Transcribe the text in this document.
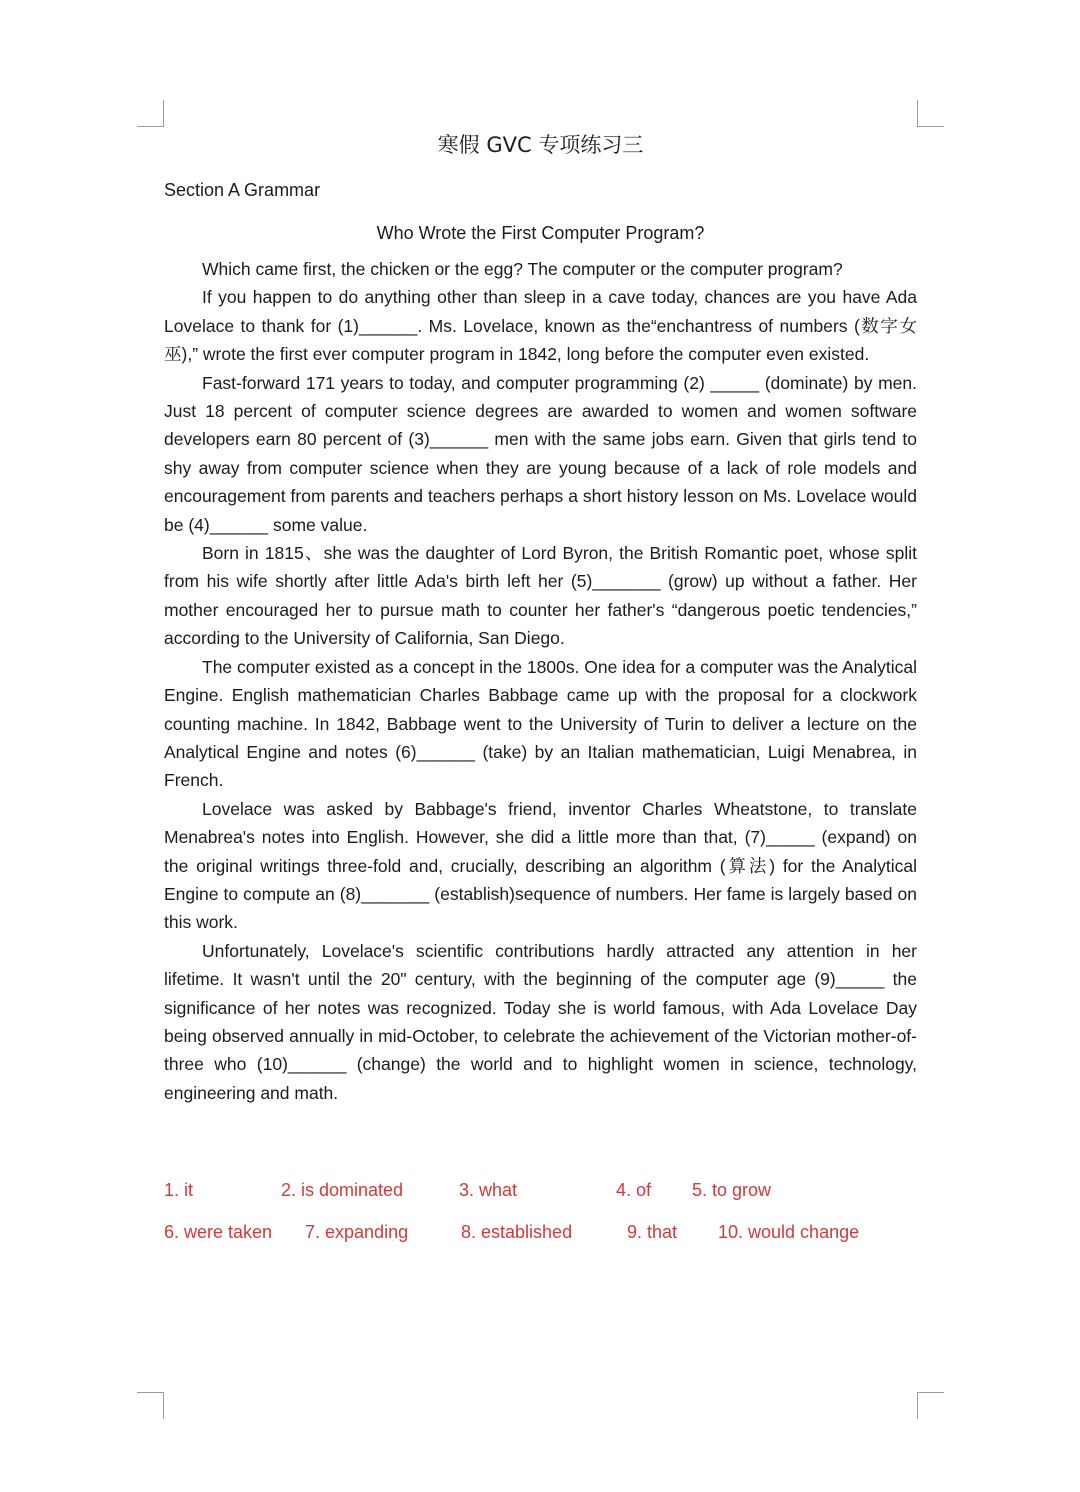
寒假 GVC 专项练习三
Section A Grammar
Who Wrote the First Computer Program?

Which came first, the chicken or the egg? The computer or the computer program?

If you happen to do anything other than sleep in a cave today, chances are you have Ada Lovelace to thank for (1)______. Ms. Lovelace, known as the“enchantress of numbers (数字女巫),” wrote the first ever computer program in 1842, long before the computer even existed.

Fast-forward 171 years to today, and computer programming (2) _____ (dominate) by men. Just 18 percent of computer science degrees are awarded to women and women software developers earn 80 percent of (3)______ men with the same jobs earn. Given that girls tend to shy away from computer science when they are young because of a lack of role models and encouragement from parents and teachers perhaps a short history lesson on Ms. Lovelace would be (4)______ some value.

Born in 1815、she was the daughter of Lord Byron, the British Romantic poet, whose split from his wife shortly after little Ada's birth left her (5)_______ (grow) up without a father. Her mother encouraged her to pursue math to counter her father's “dangerous poetic tendencies,” according to the University of California, San Diego.

The computer existed as a concept in the 1800s. One idea for a computer was the Analytical Engine. English mathematician Charles Babbage came up with the proposal for a clockwork counting machine. In 1842, Babbage went to the University of Turin to deliver a lecture on the Analytical Engine and notes (6)______ (take) by an Italian mathematician, Luigi Menabrea, in French.

Lovelace was asked by Babbage's friend, inventor Charles Wheatstone, to translate Menabrea's notes into English. However, she did a little more than that, (7)_____ (expand) on the original writings three-fold and, crucially, describing an algorithm (算法) for the Analytical Engine to compute an (8)_______ (establish)sequence of numbers. Her fame is largely based on this work.

Unfortunately, Lovelace's scientific contributions hardly attracted any attention in her lifetime. It wasn't until the 20" century, with the beginning of the computer age (9)_____ the significance of her notes was recognized. Today she is world famous, with Ada Lovelace Day being observed annually in mid-October, to celebrate the achievement of the Victorian mother-of-three who (10)______ (change) the world and to highlight women in science, technology, engineering and math.

1. it	2. is dominated	3. what	4. of 5. to grow
6. were taken 7. expanding	8. established	9. that 10. would change
